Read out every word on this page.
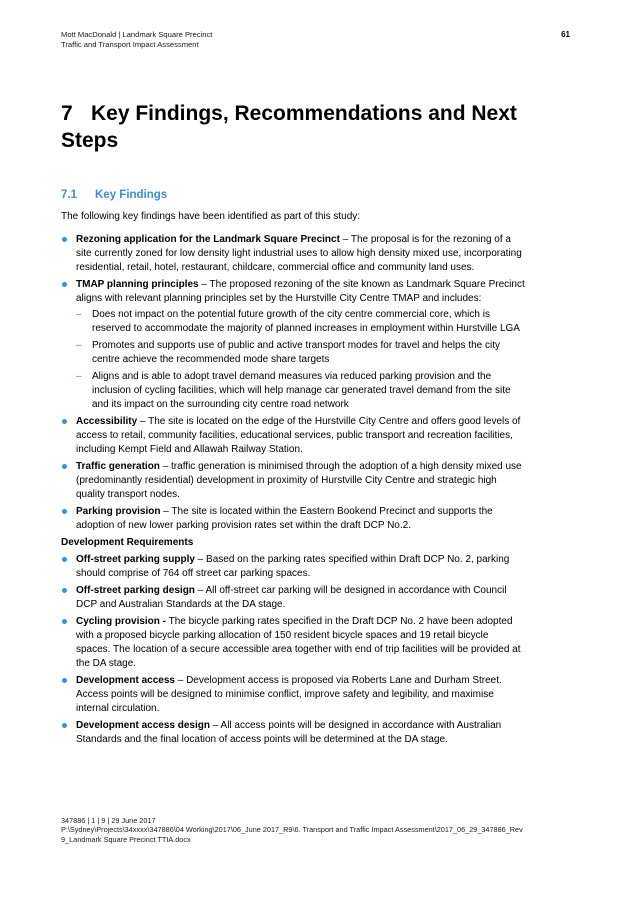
Mott MacDonald | Landmark Square Precinct
Traffic and Transport Impact Assessment
61
7 Key Findings, Recommendations and Next Steps
7.1 Key Findings
The following key findings have been identified as part of this study:
Rezoning application for the Landmark Square Precinct – The proposal is for the rezoning of a site currently zoned for low density light industrial uses to allow high density mixed use, incorporating residential, retail, hotel, restaurant, childcare, commercial office and community land uses.
TMAP planning principles – The proposed rezoning of the site known as Landmark Square Precinct aligns with relevant planning principles set by the Hurstville City Centre TMAP and includes:
– Does not impact on the potential future growth of the city centre commercial core, which is reserved to accommodate the majority of planned increases in employment within Hurstville LGA
– Promotes and supports use of public and active transport modes for travel and helps the city centre achieve the recommended mode share targets
– Aligns and is able to adopt travel demand measures via reduced parking provision and the inclusion of cycling facilities, which will help manage car generated travel demand from the site and its impact on the surrounding city centre road network
Accessibility – The site is located on the edge of the Hurstville City Centre and offers good levels of access to retail, community facilities, educational services, public transport and recreation facilities, including Kempt Field and Allawah Railway Station.
Traffic generation – traffic generation is minimised through the adoption of a high density mixed use (predominantly residential) development in proximity of Hurstville City Centre and strategic high quality transport nodes.
Parking provision – The site is located within the Eastern Bookend Precinct and supports the adoption of new lower parking provision rates set within the draft DCP No.2.
Development Requirements
Off-street parking supply – Based on the parking rates specified within Draft DCP No. 2, parking should comprise of 764 off street car parking spaces.
Off-street parking design – All off-street car parking will be designed in accordance with Council DCP and Australian Standards at the DA stage.
Cycling provision - The bicycle parking rates specified in the Draft DCP No. 2 have been adopted with a proposed bicycle parking allocation of 150 resident bicycle spaces and 19 retail bicycle spaces. The location of a secure accessible area together with end of trip facilities will be provided at the DA stage.
Development access – Development access is proposed via Roberts Lane and Durham Street. Access points will be designed to minimise conflict, improve safety and legibility, and maximise internal circulation.
Development access design – All access points will be designed in accordance with Australian Standards and the final location of access points will be determined at the DA stage.
347886 | 1 | 9 | 29 June 2017
P:\Sydney\Projects\34xxxx\347886\04 Working\2017\06_June 2017_R9\6. Transport and Traffic Impact Assessment\2017_06_29_347886_Rev 9_Landmark Square Precinct TTIA.docx
